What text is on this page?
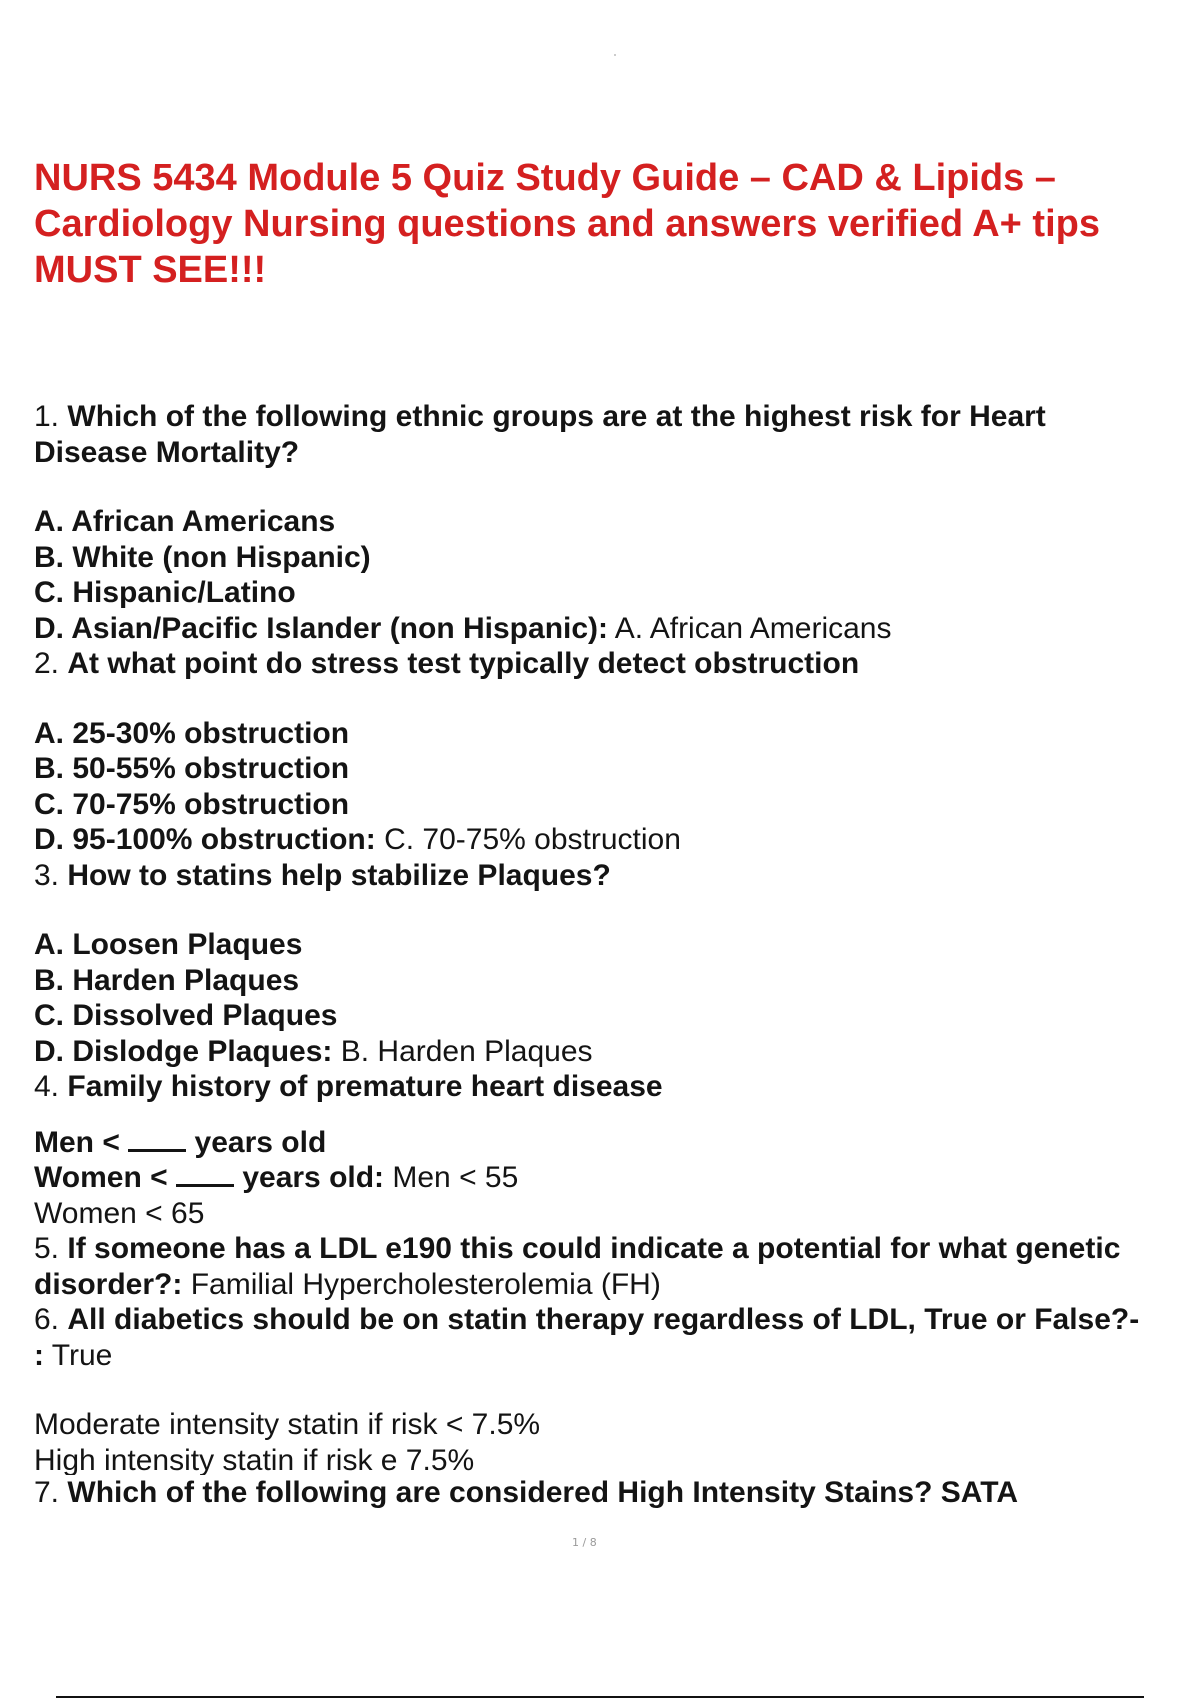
NURS 5434 Module 5 Quiz Study Guide – CAD & Lipids – Cardiology Nursing questions and answers verified A+ tips MUST SEE!!!

1. Which of the following ethnic groups are at the highest risk for Heart

Disease Mortality?

A. African Americans

B. White (non Hispanic)

C. Hispanic/Latino

D. Asian/Pacific Islander (non Hispanic): A. African Americans

2. At what point do stress test typically detect obstruction

A. 25-30% obstruction

B. 50-55% obstruction

C. 70-75% obstruction

D. 95-100% obstruction: C. 70-75% obstruction

3. How to statins help stabilize Plaques?

A. Loosen Plaques

B. Harden Plaques

C. Dissolved Plaques

D. Dislodge Plaques: B. Harden Plaques

4. Family history of premature heart disease

Men <  years old

Women <  years old: Men < 55

Women < 65

5. If someone has a LDL e190 this could indicate a potential for what genetic

disorder?: Familial Hypercholesterolemia (FH)

6. All diabetics should be on statin therapy regardless of LDL, True or False?-

: True

Moderate intensity statin if risk < 7.5%

High intensity statin if risk e 7.5%

7. Which of the following are considered High Intensity Stains? SATA

1 / 8
